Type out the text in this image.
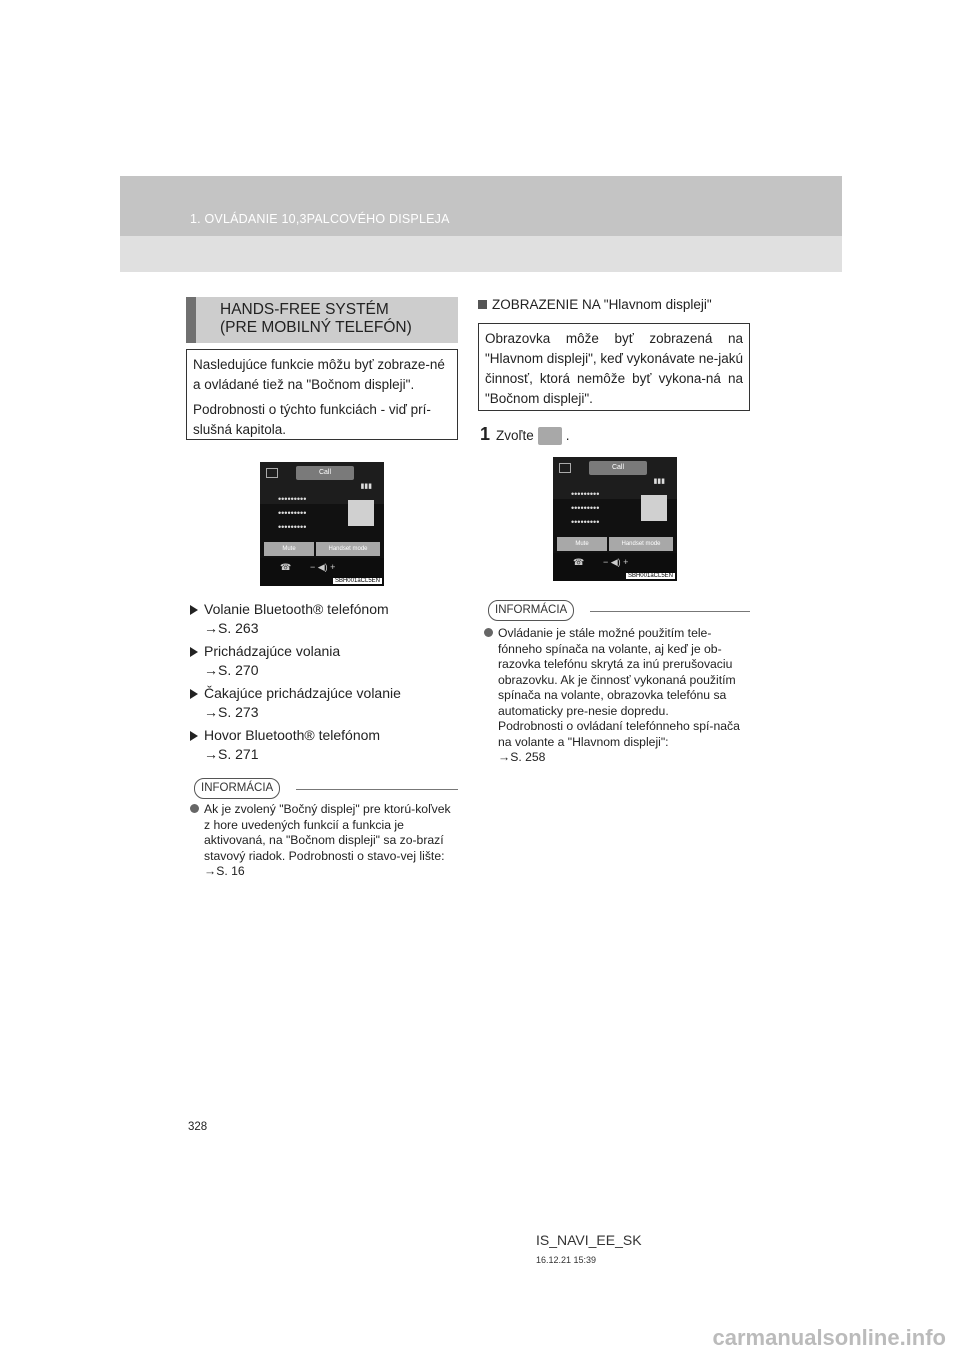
1. OVLÁDANIE 10,3PALCOVÉHO DISPLEJA
HANDS-FREE SYSTÉM
(PRE MOBILNÝ TELEFÓN)

Nasledujúce funkcie môžu byť zobraze-né a ovládané tiež na "Bočnom displeji".

Podrobnosti o týchto funkciách - viď prí-slušná kapitola.

Call
▮▮▮
•••••••••
•••••••••
•••••••••
Mute	Handset mode
☎ − ◀) +
SBH001aCL5EN
Volanie Bluetooth® telefónom
→S. 263
Prichádzajúce volania
→S. 270
Čakajúce prichádzajúce volanie
→S. 273
Hovor Bluetooth® telefónom
→S. 271
INFORMÁCIA
Ak je zvolený "Bočný displej" pre ktorú-koľvek z hore uvedených funkcií a funkcia je aktivovaná, na "Bočnom displeji" sa zo-brazí stavový riadok. Podrobnosti o stavo-vej lište: →S. 16
ZOBRAZENIE NA "Hlavnom displeji"

Obrazovka môže byť zobrazená na "Hlavnom displeji", keď vykonávate ne-jakú činnosť, ktorá nemôže byť vykona-ná na "Bočnom displeji".

1 Zvoľte .
Call
▮▮▮
•••••••••
•••••••••
•••••••••
Mute	Handset mode
☎ − ◀) +
SBH001aCL5EN
INFORMÁCIA
Ovládanie je stále možné použitím tele-fónneho spínača na volante, aj keď je ob-razovka telefónu skrytá za inú prerušovaciu obrazovku. Ak je činnosť vykonaná použitím spínača na volante, obrazovka telefónu sa automaticky pre-nesie dopredu.
Podrobnosti o ovládaní telefónneho spí-nača na volante a "Hlavnom displeji":
→S. 258
328
IS_NAVI_EE_SK
16.12.21 15:39
carmanualsonline.info
